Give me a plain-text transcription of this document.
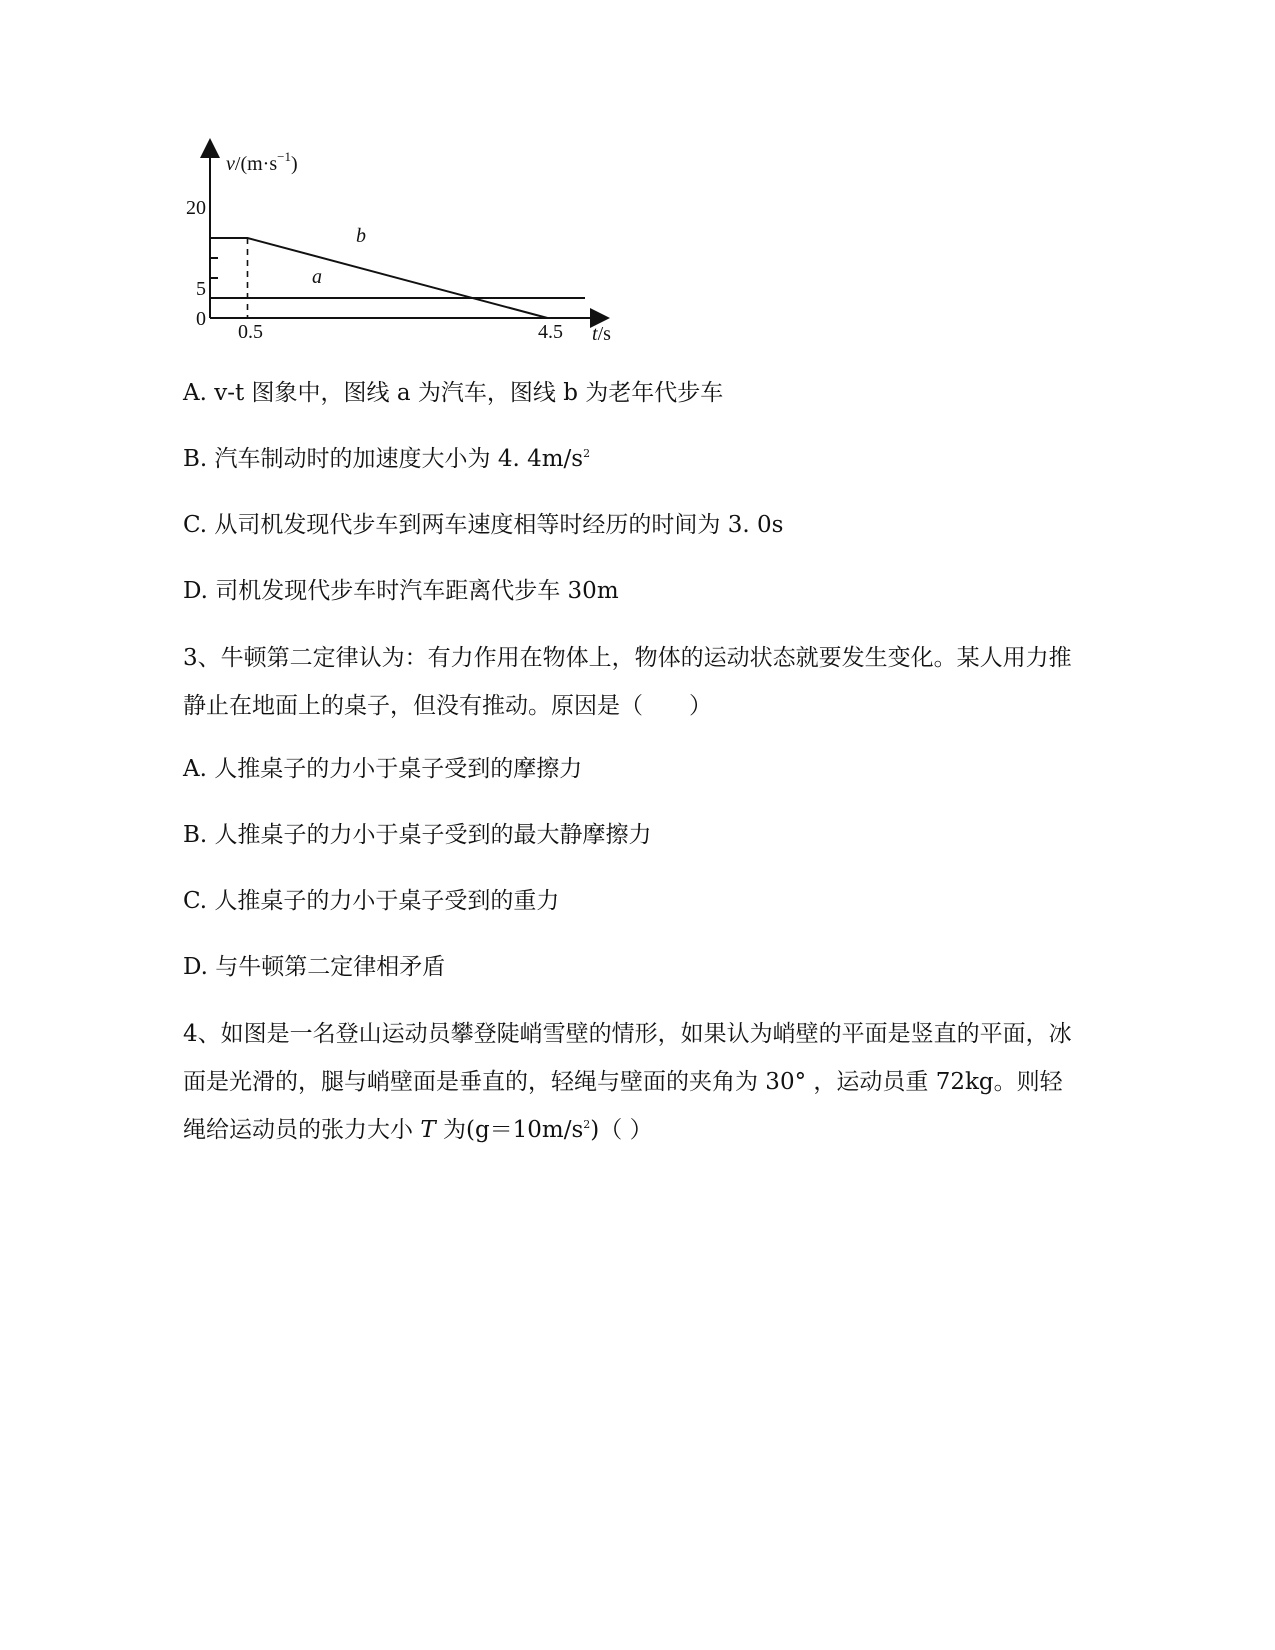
$v/(m\cdot s^{-1})$
t/s
20
5
0
0.5	4.5
b
a
A. v-t 图象中，图线 a 为汽车，图线 b 为老年代步车
B. 汽车制动时的加速度大小为 4. $4m/s^2$
C. 从司机发现代步车到两车速度相等时经历的时间为 3. 0s
D. 司机发现代步车时汽车距离代步车 30m
3、牛顿第二定律认为：有力作用在物体上，物体的运动状态就要发生变化。某人用力推静止在地面上的桌子，但没有推动。原因是（　　）
A. 人推桌子的力小于桌子受到的摩擦力
B. 人推桌子的力小于桌子受到的最大静摩擦力
C. 人推桌子的力小于桌子受到的重力
D. 与牛顿第二定律相矛盾
4、如图是一名登山运动员攀登陡峭雪壁的情形，如果认为峭壁的平面是竖直的平面，冰面是光滑的，腿与峭壁面是垂直的，轻绳与壁面的夹角为 30° ，运动员重 72kg。则轻绳给运动员的张力大小 T 为$(g=10m/s^2)$（ ）
